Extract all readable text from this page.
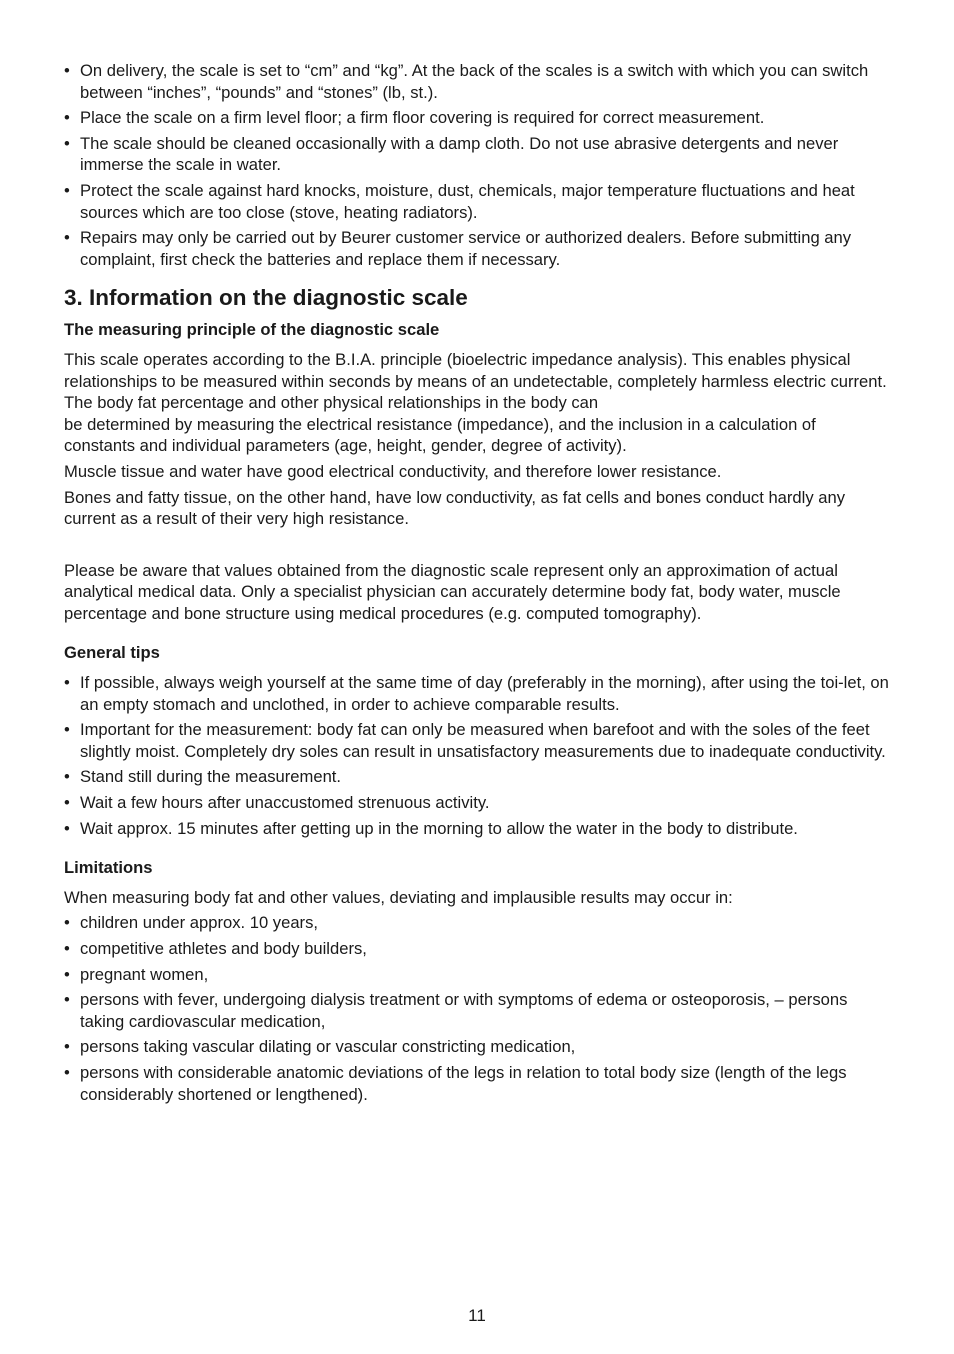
• On delivery, the scale is set to “cm” and “kg”. At the back of the scales is a switch with which you can switch between “inches”, “pounds” and “stones” (lb, st.).
• Place the scale on a firm level floor; a firm floor covering is required for correct measurement.
• The scale should be cleaned occasionally with a damp cloth. Do not use abrasive detergents and never immerse the scale in water.
• Protect the scale against hard knocks, moisture, dust, chemicals, major temperature fluctuations and heat sources which are too close (stove, heating radiators).
• Repairs may only be carried out by Beurer customer service or authorized dealers. Before submitting any complaint, first check the batteries and replace them if necessary.
3. Information on the diagnostic scale
The measuring principle of the diagnostic scale

This scale operates according to the B.I.A. principle (bioelectric impedance analysis). This enables physical relationships to be measured within seconds by means of an undetectable, completely harmless electric current. The body fat percentage and other physical relationships in the body can
be determined by measuring the electrical resistance (impedance), and the inclusion in a calculation of constants and individual parameters (age, height, gender, degree of activity).

Muscle tissue and water have good electrical conductivity, and therefore lower resistance.

Bones and fatty tissue, on the other hand, have low conductivity, as fat cells and bones conduct hardly any current as a result of their very high resistance.

Please be aware that values obtained from the diagnostic scale represent only an approximation of actual analytical medical data. Only a specialist physician can accurately determine body fat, body water, muscle percentage and bone structure using medical procedures (e.g. computed tomography).

General tips
• If possible, always weigh yourself at the same time of day (preferably in the morning), after using the toi-let, on an empty stomach and unclothed, in order to achieve comparable results.
• Important for the measurement: body fat can only be measured when barefoot and with the soles of the feet slightly moist. Completely dry soles can result in unsatisfactory measurements due to inadequate conductivity.
• Stand still during the measurement.
• Wait a few hours after unaccustomed strenuous activity.
• Wait approx. 15 minutes after getting up in the morning to allow the water in the body to distribute.
Limitations

When measuring body fat and other values, deviating and implausible results may occur in:

• children under approx. 10 years,
• competitive athletes and body builders,
• pregnant women,
• persons with fever, undergoing dialysis treatment or with symptoms of edema or osteoporosis, – persons taking cardiovascular medication,
• persons taking vascular dilating or vascular constricting medication,
• persons with considerable anatomic deviations of the legs in relation to total body size (length of the legs considerably shortened or lengthened).
11
